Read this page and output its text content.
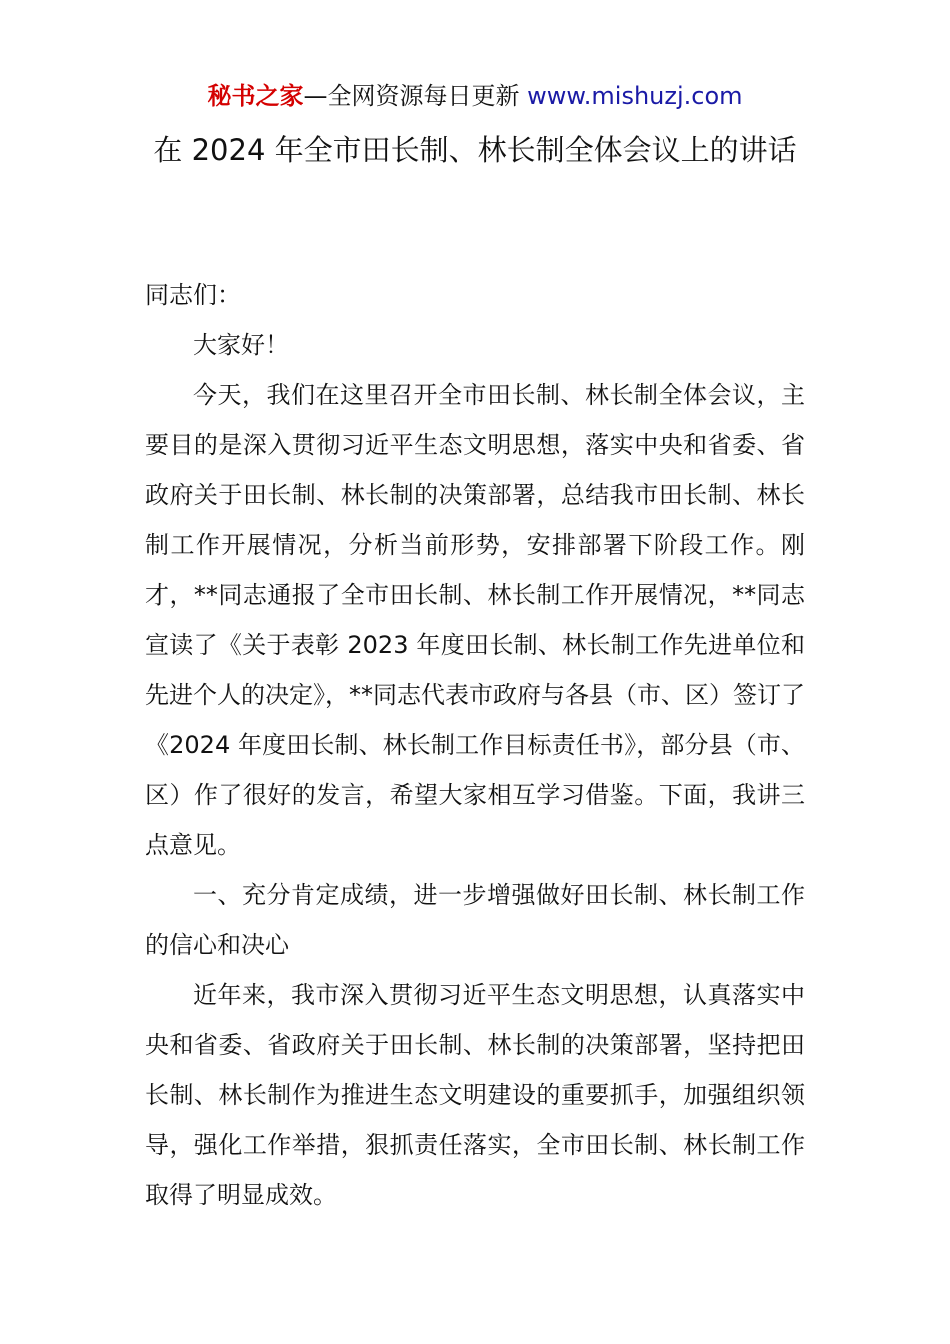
秘书之家—全网资源每日更新 www.mishuzj.com
在 2024 年全市田长制、林长制全体会议上的讲话

同志们：

大家好！

今天，我们在这里召开全市田长制、林长制全体会议，主要目的是深入贯彻习近平生态文明思想，落实中央和省委、省政府关于田长制、林长制的决策部署，总结我市田长制、林长制工作开展情况，分析当前形势，安排部署下阶段工作。刚才，**同志通报了全市田长制、林长制工作开展情况，**同志宣读了《关于表彰 2023 年度田长制、林长制工作先进单位和先进个人的决定》，**同志代表市政府与各县（市、区）签订了《2024 年度田长制、林长制工作目标责任书》，部分县（市、区）作了很好的发言，希望大家相互学习借鉴。下面，我讲三点意见。

一、充分肯定成绩，进一步增强做好田长制、林长制工作的信心和决心

近年来，我市深入贯彻习近平生态文明思想，认真落实中央和省委、省政府关于田长制、林长制的决策部署，坚持把田长制、林长制作为推进生态文明建设的重要抓手，加强组织领导，强化工作举措，狠抓责任落实，全市田长制、林长制工作取得了明显成效。
